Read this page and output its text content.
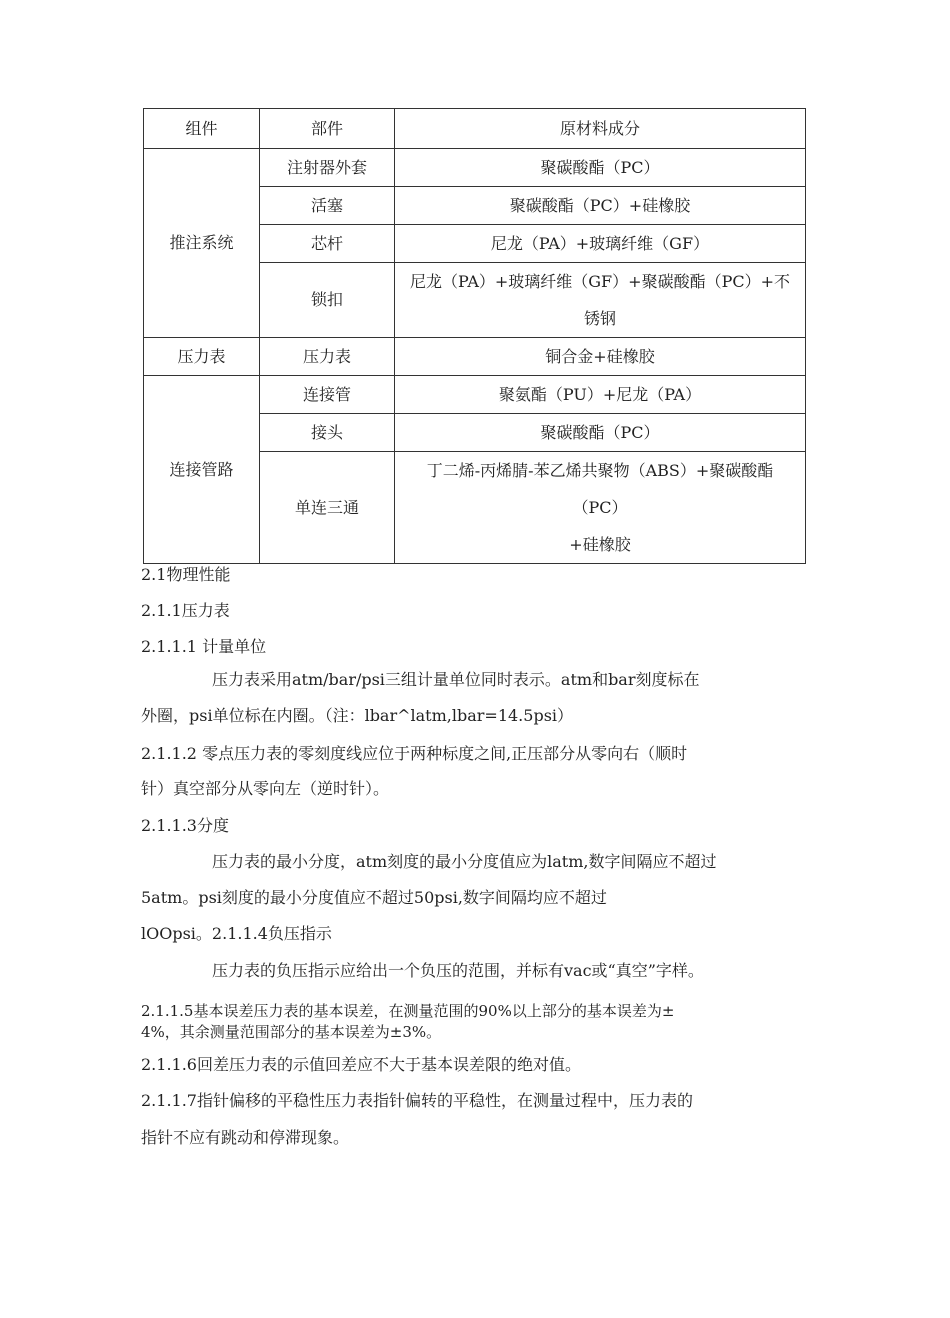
组件	部件	原材料成分
推注系统	注射器外套	聚碳酸酯（PC）
	活塞	聚碳酸酯（PC）+硅橡胶
	芯杆	尼龙（PA）+玻璃纤维（GF）
	锁扣	尼龙（PA）+玻璃纤维（GF）+聚碳酸酯（PC）+不
锈钢

压力表	压力表	铜合金+硅橡胶
连接管路	连接管	聚氨酯（PU）+尼龙（PA）
	接头	聚碳酸酯（PC）
	单连三通	丁二烯-丙烯腈-苯乙烯共聚物（ABS）+聚碳酸酯
（PC）
+硅橡胶
2.1物理性能
2.1.1压力表
2.1.1.1 计量单位
压力表采用atm/bar/psi三组计量单位同时表示。atm和bar刻度标在
外圈，psi单位标在内圈。（注：lbar^latm,lbar=14.5psi）
2.1.1.2 零点压力表的零刻度线应位于两种标度之间,正压部分从零向右（顺时
针）真空部分从零向左（逆时针）。
2.1.1.3分度
压力表的最小分度，atm刻度的最小分度值应为latm,数字间隔应不超过
5atm。psi刻度的最小分度值应不超过50psi,数字间隔均应不超过
lOOpsi。2.1.1.4负压指示
压力表的负压指示应给出一个负压的范围，并标有vac或“真空”字样。
2.1.1.5基本误差压力表的基本误差，在测量范围的90%以上部分的基本误差为±
4%，其余测量范围部分的基本误差为±3%。
2.1.1.6回差压力表的示值回差应不大于基本误差限的绝对值。
2.1.1.7指针偏移的平稳性压力表指针偏转的平稳性，在测量过程中，压力表的
指针不应有跳动和停滞现象。
